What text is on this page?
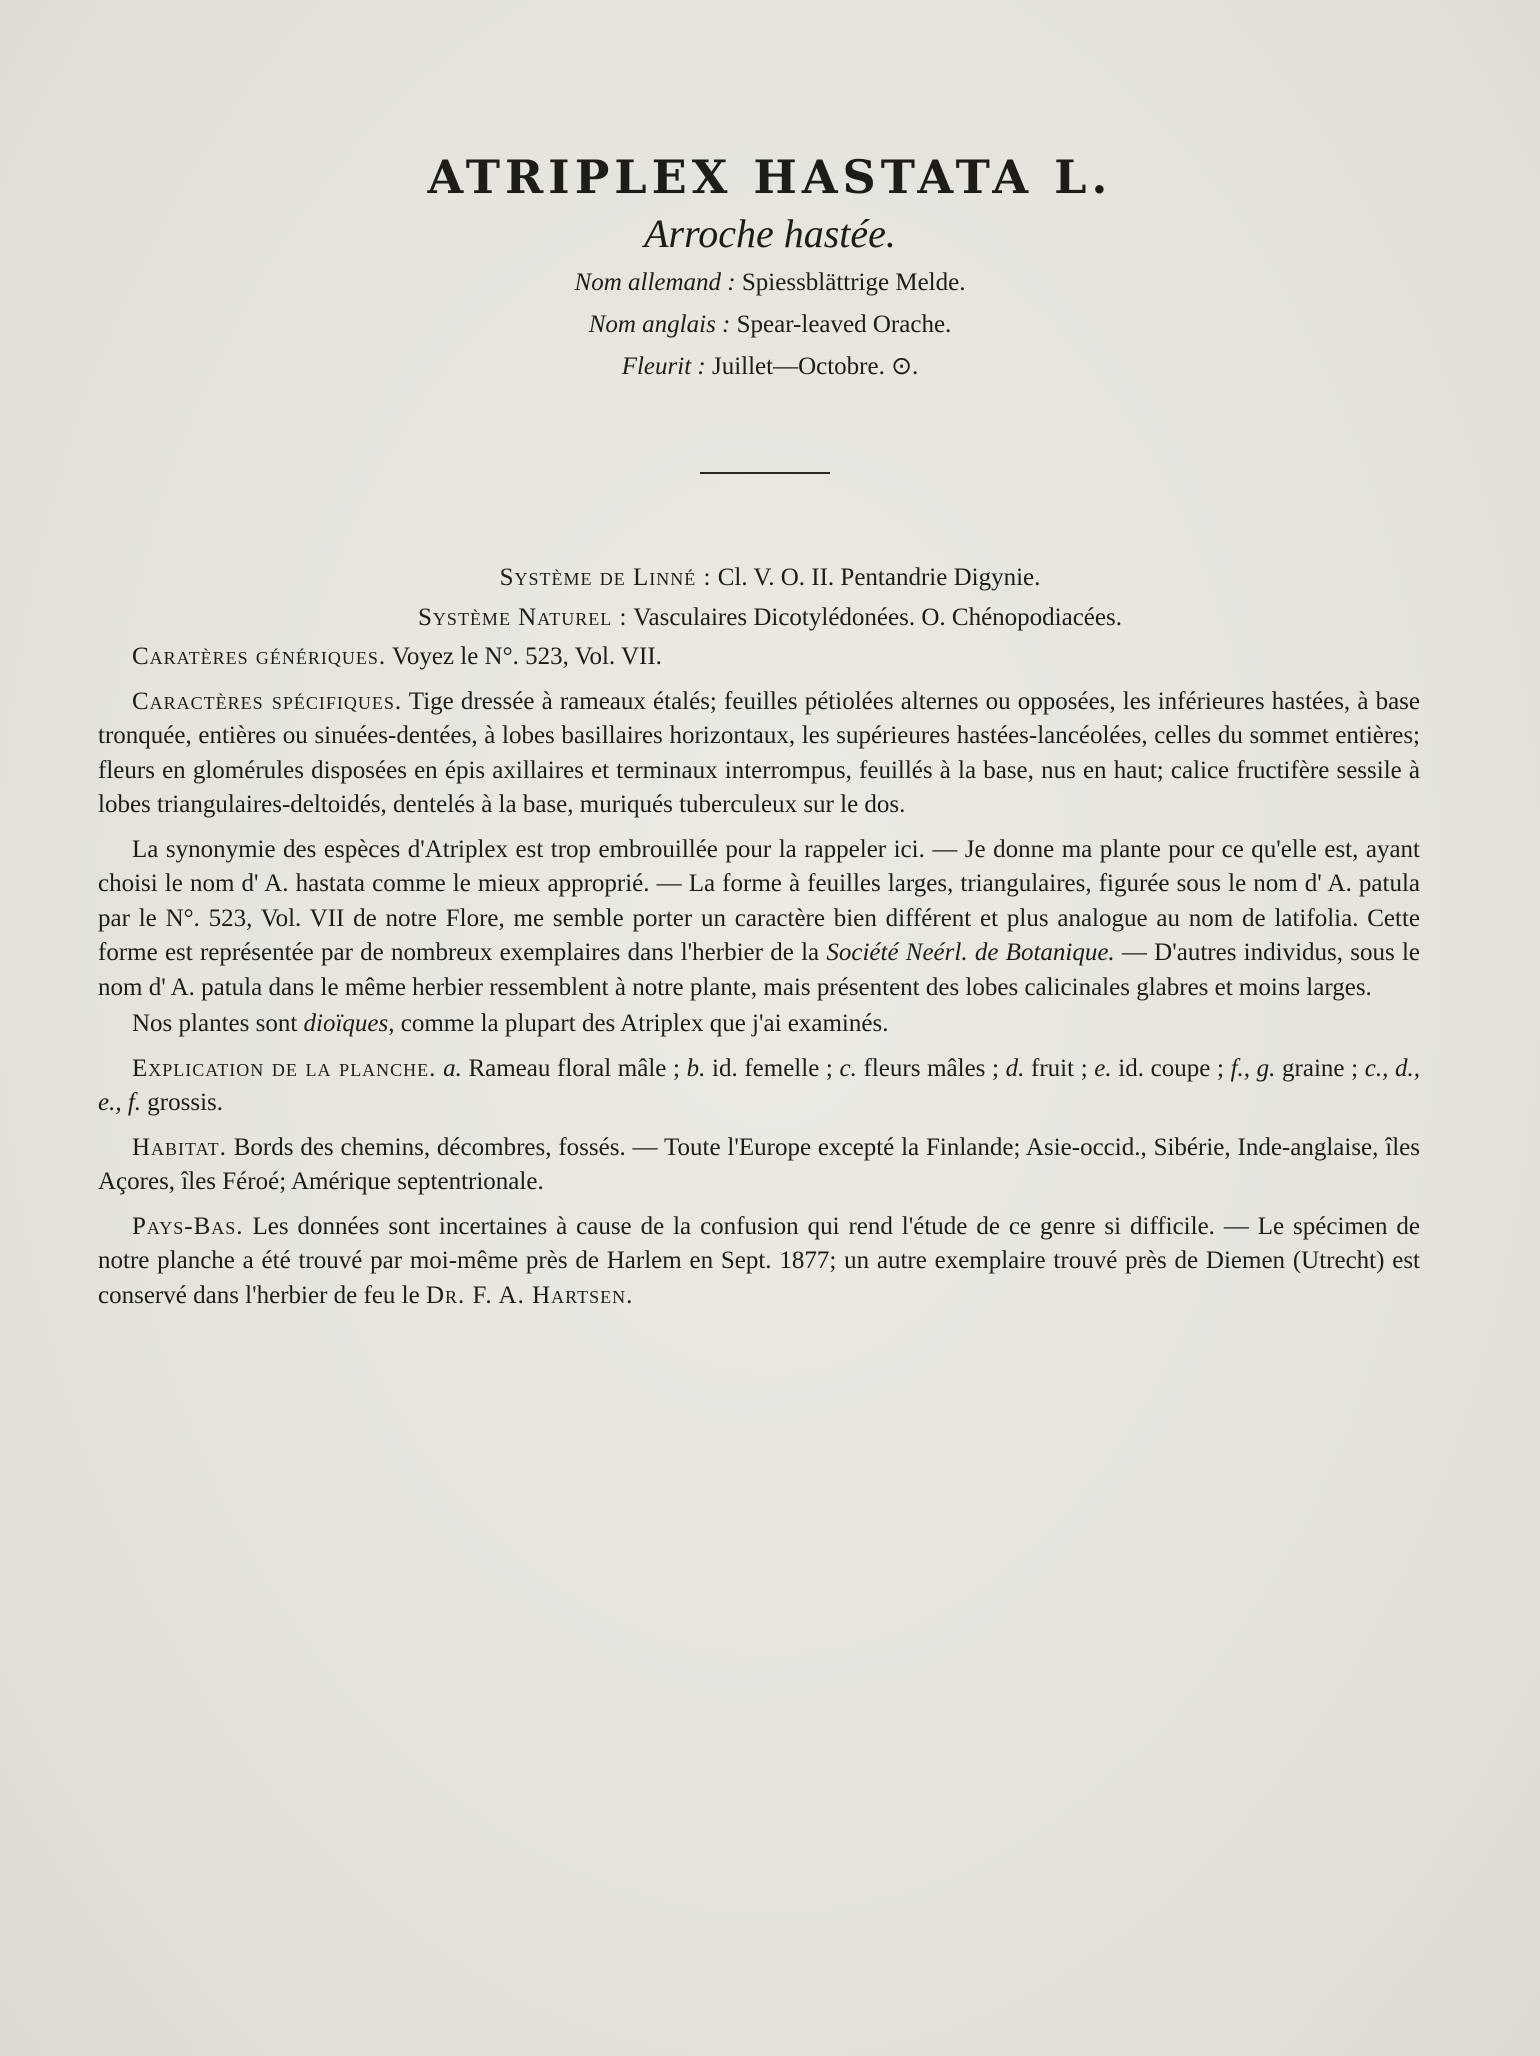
ATRIPLEX HASTATA L.

Arroche hastée.

Nom allemand : Spiessblättrige Melde.

Nom anglais : Spear-leaved Orache.

Fleurit : Juillet—Octobre. ⊙.

Système de Linné : Cl. V. O. II. Pentandrie Digynie.
Système Naturel : Vasculaires Dicotylédonées. O. Chénopodiacées.

Caratères génériques. Voyez le N°. 523, Vol. VII.

Caractères spécifiques. Tige dressée à rameaux étalés; feuilles pétiolées alternes ou opposées, les inférieures hastées, à base tronquée, entières ou sinuées-dentées, à lobes basillaires horizontaux, les supérieures hastées-lancéolées, celles du sommet entières; fleurs en glomérules disposées en épis axillaires et terminaux interrompus, feuillés à la base, nus en haut; calice fructifère sessile à lobes triangulaires-deltoidés, dentelés à la base, muriqués tuberculeux sur le dos.

La synonymie des espèces d'Atriplex est trop embrouillée pour la rappeler ici. — Je donne ma plante pour ce qu'elle est, ayant choisi le nom d' A. hastata comme le mieux approprié. — La forme à feuilles larges, triangulaires, figurée sous le nom d' A. patula par le N°. 523, Vol. VII de notre Flore, me semble porter un caractère bien différent et plus analogue au nom de latifolia. Cette forme est représentée par de nombreux exemplaires dans l'herbier de la Société Neérl. de Botanique. — D'autres individus, sous le nom d' A. patula dans le même herbier ressemblent à notre plante, mais présentent des lobes calicinales glabres et moins larges.

Nos plantes sont dioïques, comme la plupart des Atriplex que j'ai examinés.

Explication de la planche. a. Rameau floral mâle ; b. id. femelle ; c. fleurs mâles ; d. fruit ; e. id. coupe ; f., g. graine ; c., d., e., f. grossis.

Habitat. Bords des chemins, décombres, fossés. — Toute l'Europe excepté la Finlande; Asie-occid., Sibérie, Inde-anglaise, îles Açores, îles Féroé; Amérique septentrionale.

Pays-Bas. Les données sont incertaines à cause de la confusion qui rend l'étude de ce genre si difficile. — Le spécimen de notre planche a été trouvé par moi-même près de Harlem en Sept. 1877; un autre exemplaire trouvé près de Diemen (Utrecht) est conservé dans l'herbier de feu le Dr. F. A. Hartsen.
